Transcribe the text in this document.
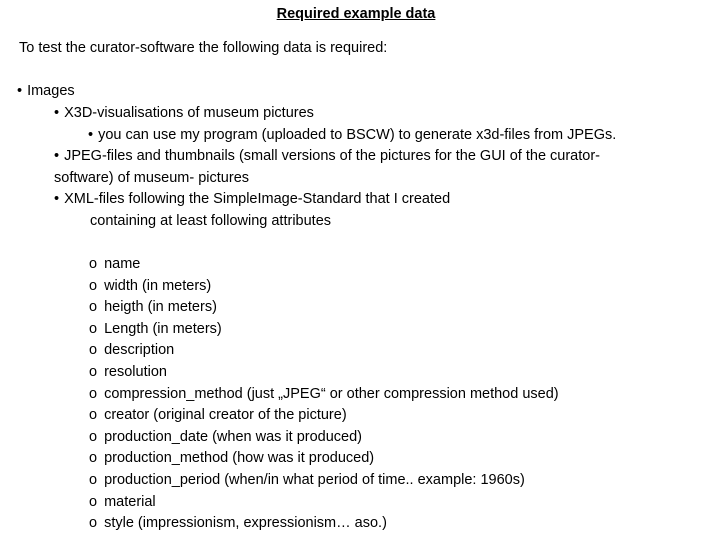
Required example data
To test the curator-software the following data is required:
• Images
• X3D-visualisations of museum pictures
• you can use my program (uploaded to BSCW) to generate x3d-files from JPEGs.
• JPEG-files and thumbnails (small versions of the pictures for the GUI of the curator-
software) of museum- pictures
• XML-files following the SimpleImage-Standard that I created
containing at least following attributes
o name
o width (in meters)
o heigth (in meters)
o Length (in meters)
o description
o resolution
o compression_method (just „JPEG“ or other compression method used)
o creator (original creator of the picture)
o production_date (when was it produced)
o production_method (how was it produced)
o production_period (when/in what period of time.. example: 1960s)
o material
o style (impressionism, expressionism… aso.)
